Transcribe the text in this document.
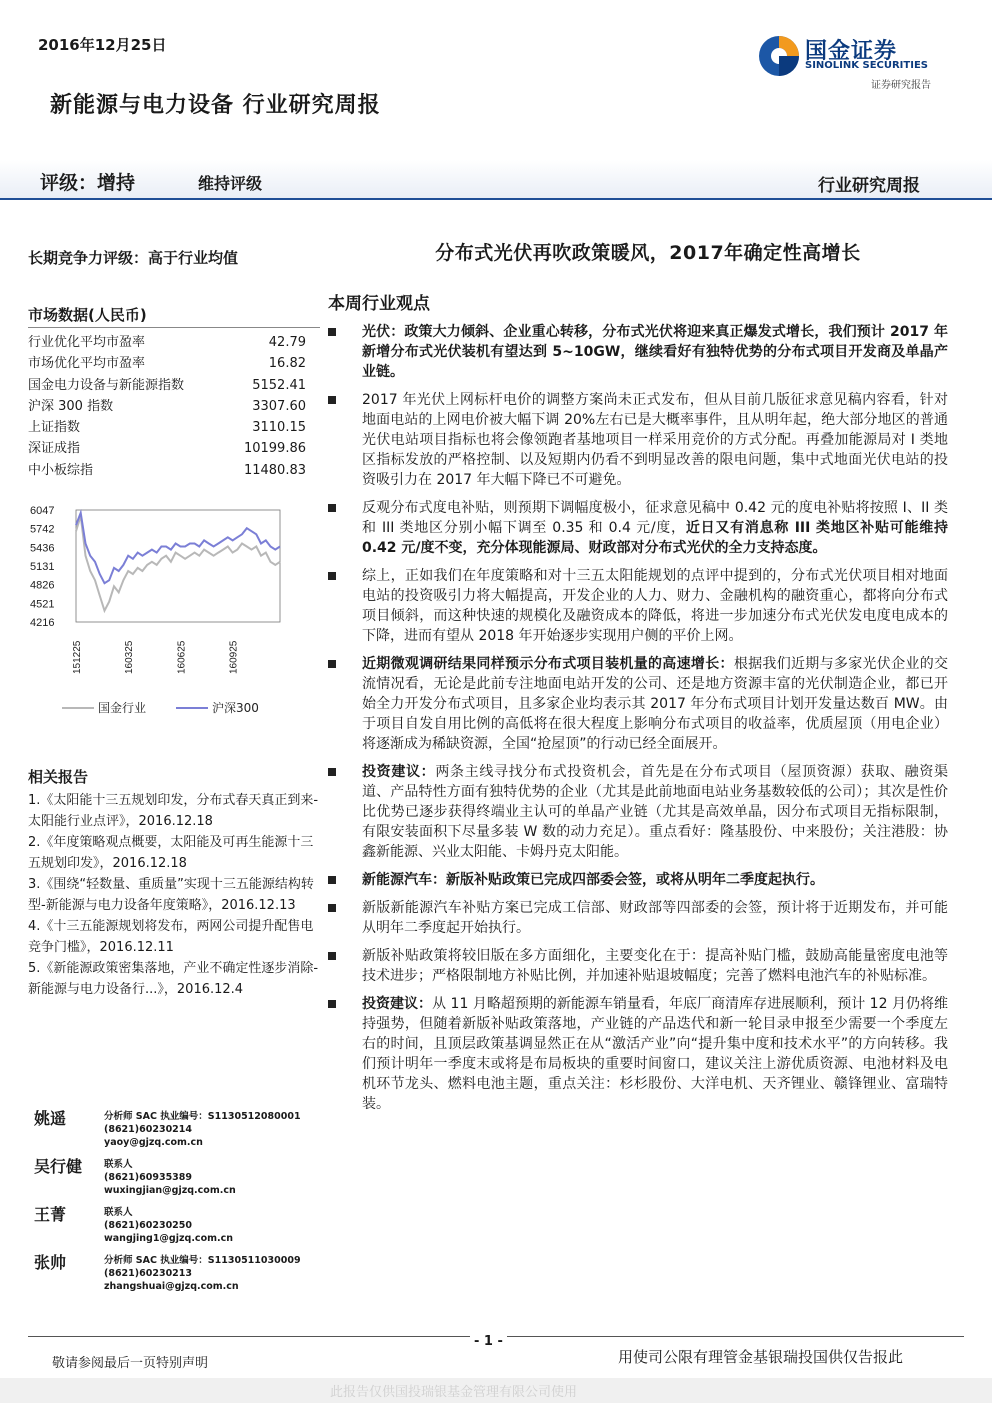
2016年12月25日	国金证券
SINOLINK SECURITIES
证券研究报告
新能源与电力设备 行业研究周报
评级：增持	维持评级	行业研究周报
长期竞争力评级：高于行业均值
市场数据(人民币)
行业优化平均市盈率	42.79
市场优化平均市盈率	16.82
国金电力设备与新能源指数	5152.41
沪深 300 指数	3307.60
上证指数	3110.15
深证成指	10199.86
中小板综指	11480.83
6047
5742
5436
5131
4826
4521
4216
151225	160325	160625	160925
国金行业	沪深300
相关报告
1.《太阳能十三五规划印发，分布式春天真正到来-太阳能行业点评》，2016.12.18
2.《年度策略观点概要，太阳能及可再生能源十三五规划印发》，2016.12.18
3.《围绕“轻数量、重质量”实现十三五能源结构转型-新能源与电力设备年度策略》，2016.12.13
4.《十三五能源规划将发布，两网公司提升配售电竞争门槛》，2016.12.11
5.《新能源政策密集落地，产业不确定性逐步消除-新能源与电力设备行...》，2016.12.4
姚遥	分析师 SAC 执业编号：S1130512080001
(8621)60230214
yaoy@gjzq.com.cn
吴行健 联系人
(8621)60935389
wuxingjian@gjzq.com.cn
王菁	联系人
(8621)60230250
wangjing1@gjzq.com.cn
张帅	分析师 SAC 执业编号：S1130511030009
(8621)60230213
zhangshuai@gjzq.com.cn
分布式光伏再吹政策暖风，2017年确定性高增长
本周行业观点
光伏：政策大力倾斜、企业重心转移，分布式光伏将迎来真正爆发式增长，我们预计 2017 年新增分布式光伏装机有望达到 5~10GW，继续看好有独特优势的分布式项目开发商及单晶产业链。
2017 年光伏上网标杆电价的调整方案尚未正式发布，但从目前几版征求意见稿内容看，针对地面电站的上网电价被大幅下调 20%左右已是大概率事件，且从明年起，绝大部分地区的普通光伏电站项目指标也将会像领跑者基地项目一样采用竞价的方式分配。再叠加能源局对 I 类地区指标发放的严格控制、以及短期内仍看不到明显改善的限电问题，集中式地面光伏电站的投资吸引力在 2017 年大幅下降已不可避免。
反观分布式度电补贴，则预期下调幅度极小，征求意见稿中 0.42 元的度电补贴将按照 I、II 类和 III 类地区分别小幅下调至 0.35 和 0.4 元/度，近日又有消息称 III 类地区补贴可能维持 0.42 元/度不变，充分体现能源局、财政部对分布式光伏的全力支持态度。
综上，正如我们在年度策略和对十三五太阳能规划的点评中提到的，分布式光伏项目相对地面电站的投资吸引力将大幅提高，开发企业的人力、财力、金融机构的融资重心，都将向分布式项目倾斜，而这种快速的规模化及融资成本的降低，将进一步加速分布式光伏发电度电成本的下降，进而有望从 2018 年开始逐步实现用户侧的平价上网。
近期微观调研结果同样预示分布式项目装机量的高速增长：根据我们近期与多家光伏企业的交流情况看，无论是此前专注地面电站开发的公司、还是地方资源丰富的光伏制造企业，都已开始全力开发分布式项目，且多家企业均表示其 2017 年分布式项目计划开发量达数百 MW。由于项目自发自用比例的高低将在很大程度上影响分布式项目的收益率，优质屋顶（用电企业）将逐渐成为稀缺资源，全国“抢屋顶”的行动已经全面展开。
投资建议：两条主线寻找分布式投资机会，首先是在分布式项目（屋顶资源）获取、融资渠道、产品特性方面有独特优势的企业（尤其是此前地面电站业务基数较低的公司）；其次是性价比优势已逐步获得终端业主认可的单晶产业链（尤其是高效单晶，因分布式项目无指标限制，有限安装面积下尽量多装 W 数的动力充足）。重点看好：隆基股份、中来股份；关注港股：协鑫新能源、兴业太阳能、卡姆丹克太阳能。
新能源汽车：新版补贴政策已完成四部委会签，或将从明年二季度起执行。
新版新能源汽车补贴方案已完成工信部、财政部等四部委的会签，预计将于近期发布，并可能从明年二季度起开始执行。
新版补贴政策将较旧版在多方面细化，主要变化在于：提高补贴门槛，鼓励高能量密度电池等技术进步；严格限制地方补贴比例，并加速补贴退坡幅度；完善了燃料电池汽车的补贴标准。
投资建议：从 11 月略超预期的新能源车销量看，年底厂商清库存进展顺利，预计 12 月仍将维持强势，但随着新版补贴政策落地，产业链的产品迭代和新一轮目录申报至少需要一个季度左右的时间，且顶层政策基调显然正在从“激活产业”向“提升集中度和技术水平”的方向转移。我们预计明年一季度末或将是布局板块的重要时间窗口，建议关注上游优质资源、电池材料及电机环节龙头、燃料电池主题，重点关注：杉杉股份、大洋电机、天齐锂业、赣锋锂业、富瑞特装。
- 1 -
敬请参阅最后一页特别声明	用使司公限有理管金基银瑞投国供仅告报此
此报告仅供国投瑞银基金管理有限公司使用
